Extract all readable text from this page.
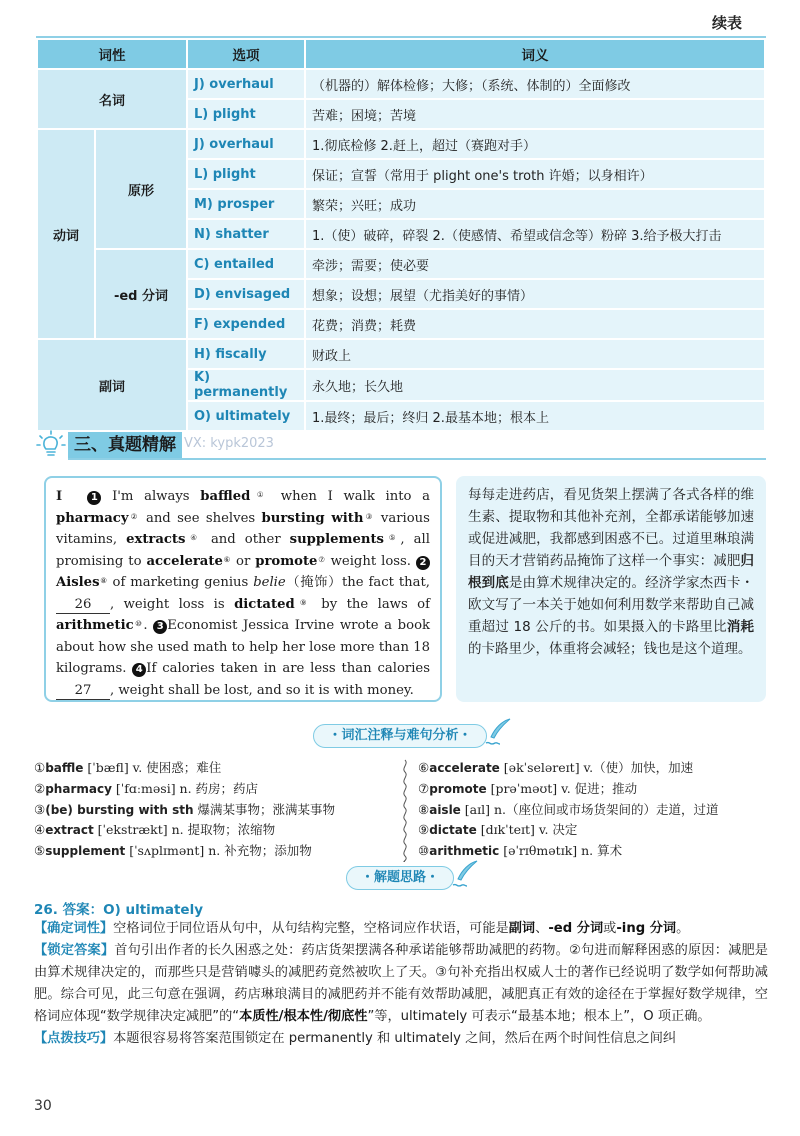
续表
词性		选项	词义
名词		J) overhaul	（机器的）解体检修；大修；（系统、体制的）全面修改
		L) plight	苦难；困境；苦境
动词	原形	J) overhaul	1.彻底检修 2.赶上，超过（赛跑对手）
		L) plight	保证；宣誓（常用于 plight one's troth 许婚；以身相许）
		M) prosper	繁荣；兴旺；成功
		N) shatter	1.（使）破碎，碎裂 2.（使感情、希望或信念等）粉碎 3.给予极大打击
	-ed 分词	C) entailed	牵涉；需要；使必要
		D) envisaged	想象；设想；展望（尤指美好的事情）
		F) expended	花费；消费；耗费
副词		H) fiscally	财政上
		K) permanently	永久地；长久地
		O) ultimately	1.最终；最后；终归 2.最基本地；根本上
三、真题精解 VX: kypk2023
Ⅰ 1 I'm always baffled① when I walk into a pharmacy② and see shelves bursting with③ various vitamins, extracts④ and other supplements⑤, all promising to accelerate⑥ or promote⑦ weight loss. 2 Aisles⑧ of marketing genius belie（掩饰）the fact that, 26 , weight loss is dictated⑨ by the laws of arithmetic⑩. 3 Economist Jessica Irvine wrote a book about how she used math to help her lose more than 18 kilograms. 4 If calories taken in are less than calories 27 , weight shall be lost, and so it is with money.
每每走进药店，看见货架上摆满了各式各样的维生素、提取物和其他补充剂，全都承诺能够加速或促进减肥，我都感到困惑不已。过道里琳琅满目的天才营销药品掩饰了这样一个事实：减肥归根到底是由算术规律决定的。经济学家杰西卡・欧文写了一本关于她如何利用数学来帮助自己减重超过 18 公斤的书。如果摄入的卡路里比消耗的卡路里少，体重将会减轻；钱也是这个道理。
・词汇注释与难句分析・
①baffle [ˈbæfl] v. 使困惑；难住
②pharmacy [ˈfɑːməsi] n. 药房；药店
③(be) bursting with sth 爆满某事物；涨满某事物
④extract [ˈekstrækt] n. 提取物；浓缩物
⑤supplement [ˈsʌplɪmənt] n. 补充物；添加物
⑥accelerate [əkˈseləreɪt] v.（使）加快，加速
⑦promote [prəˈməʊt] v. 促进；推动
⑧aisle [aɪl] n.（座位间或市场货架间的）走道，过道
⑨dictate [dɪkˈteɪt] v. 决定
⑩arithmetic [əˈrɪθmətɪk] n. 算术
・解题思路・
26. 答案：O) ultimately
【确定词性】空格词位于同位语从句中，从句结构完整，空格词应作状语，可能是副词、-ed 分词或-ing 分词。
【锁定答案】首句引出作者的长久困惑之处：药店货架摆满各种承诺能够帮助减肥的药物。②句进而解释困惑的原因：减肥是由算术规律决定的，而那些只是营销噱头的减肥药竟然被吹上了天。③句补充指出权威人士的著作已经说明了数学如何帮助减肥。综合可见，此三句意在强调，药店琳琅满目的减肥药并不能有效帮助减肥，减肥真正有效的途径在于掌握好数学规律，空格词应体现“数学规律决定减肥”的“本质性/根本性/彻底性”等，ultimately 可表示“最基本地；根本上”，O 项正确。
【点拨技巧】本题很容易将答案范围锁定在 permanently 和 ultimately 之间，然后在两个时间性信息之间纠
30
